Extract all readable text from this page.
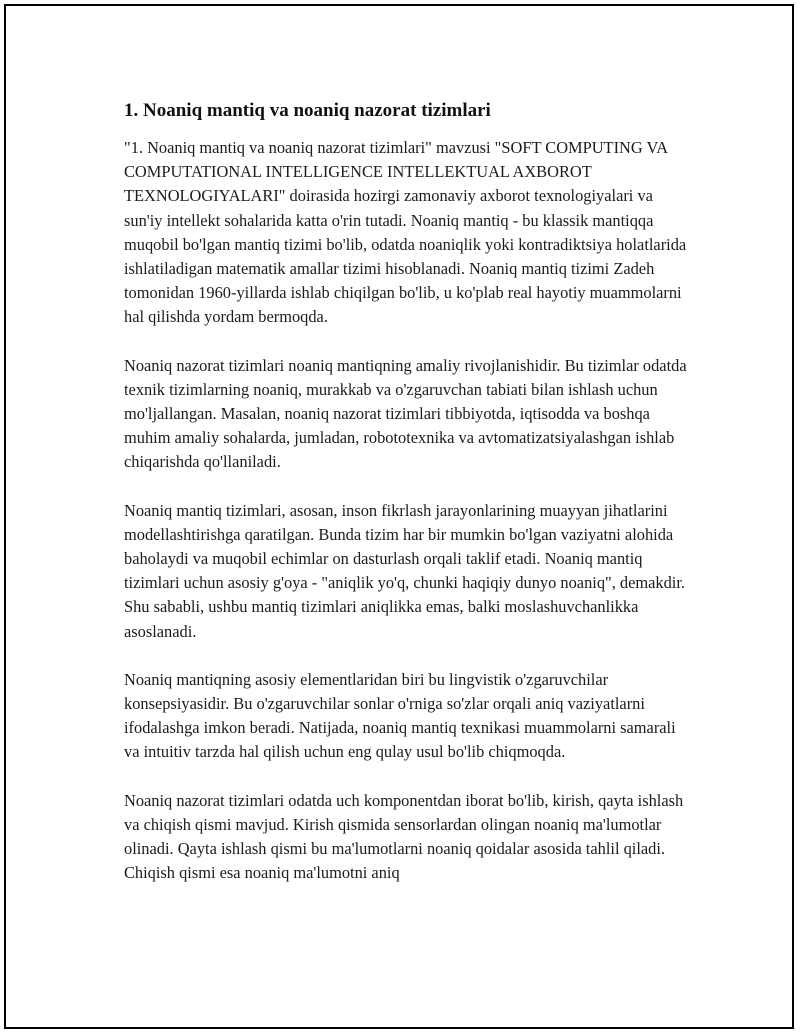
1. Noaniq mantiq va noaniq nazorat tizimlari

"1. Noaniq mantiq va noaniq nazorat tizimlari" mavzusi "SOFT COMPUTING VA COMPUTATIONAL INTELLIGENCE INTELLEKTUAL AXBOROT TEXNOLOGIYALARI" doirasida hozirgi zamonaviy axborot texnologiyalari va sun'iy intellekt sohalarida katta o'rin tutadi. Noaniq mantiq - bu klassik mantiqqa muqobil bo'lgan mantiq tizimi bo'lib, odatda noaniqlik yoki kontradiktsiya holatlarida ishlatiladigan matematik amallar tizimi hisoblanadi. Noaniq mantiq tizimi Zadeh tomonidan 1960-yillarda ishlab chiqilgan bo'lib, u ko'plab real hayotiy muammolarni hal qilishda yordam bermoqda.

Noaniq nazorat tizimlari noaniq mantiqning amaliy rivojlanishidir. Bu tizimlar odatda texnik tizimlarning noaniq, murakkab va o'zgaruvchan tabiati bilan ishlash uchun mo'ljallangan. Masalan, noaniq nazorat tizimlari tibbiyotda, iqtisodda va boshqa muhim amaliy sohalarda, jumladan, robototexnika va avtomatizatsiyalashgan ishlab chiqarishda qo'llaniladi.

Noaniq mantiq tizimlari, asosan, inson fikrlash jarayonlarining muayyan jihatlarini modellashtirishga qaratilgan. Bunda tizim har bir mumkin bo'lgan vaziyatni alohida baholaydi va muqobil echimlar on dasturlash orqali taklif etadi. Noaniq mantiq tizimlari uchun asosiy g'oya - "aniqlik yo'q, chunki haqiqiy dunyo noaniq", demakdir. Shu sababli, ushbu mantiq tizimlari aniqlikka emas, balki moslashuvchanlikka asoslanadi.

Noaniq mantiqning asosiy elementlaridan biri bu lingvistik o'zgaruvchilar konsepsiyasidir. Bu o'zgaruvchilar sonlar o'rniga so'zlar orqali aniq vaziyatlarni ifodalashga imkon beradi. Natijada, noaniq mantiq texnikasi muammolarni samarali va intuitiv tarzda hal qilish uchun eng qulay usul bo'lib chiqmoqda.

Noaniq nazorat tizimlari odatda uch komponentdan iborat bo'lib, kirish, qayta ishlash va chiqish qismi mavjud. Kirish qismida sensorlardan olingan noaniq ma'lumotlar olinadi. Qayta ishlash qismi bu ma'lumotlarni noaniq qoidalar asosida tahlil qiladi. Chiqish qismi esa noaniq ma'lumotni aniq
